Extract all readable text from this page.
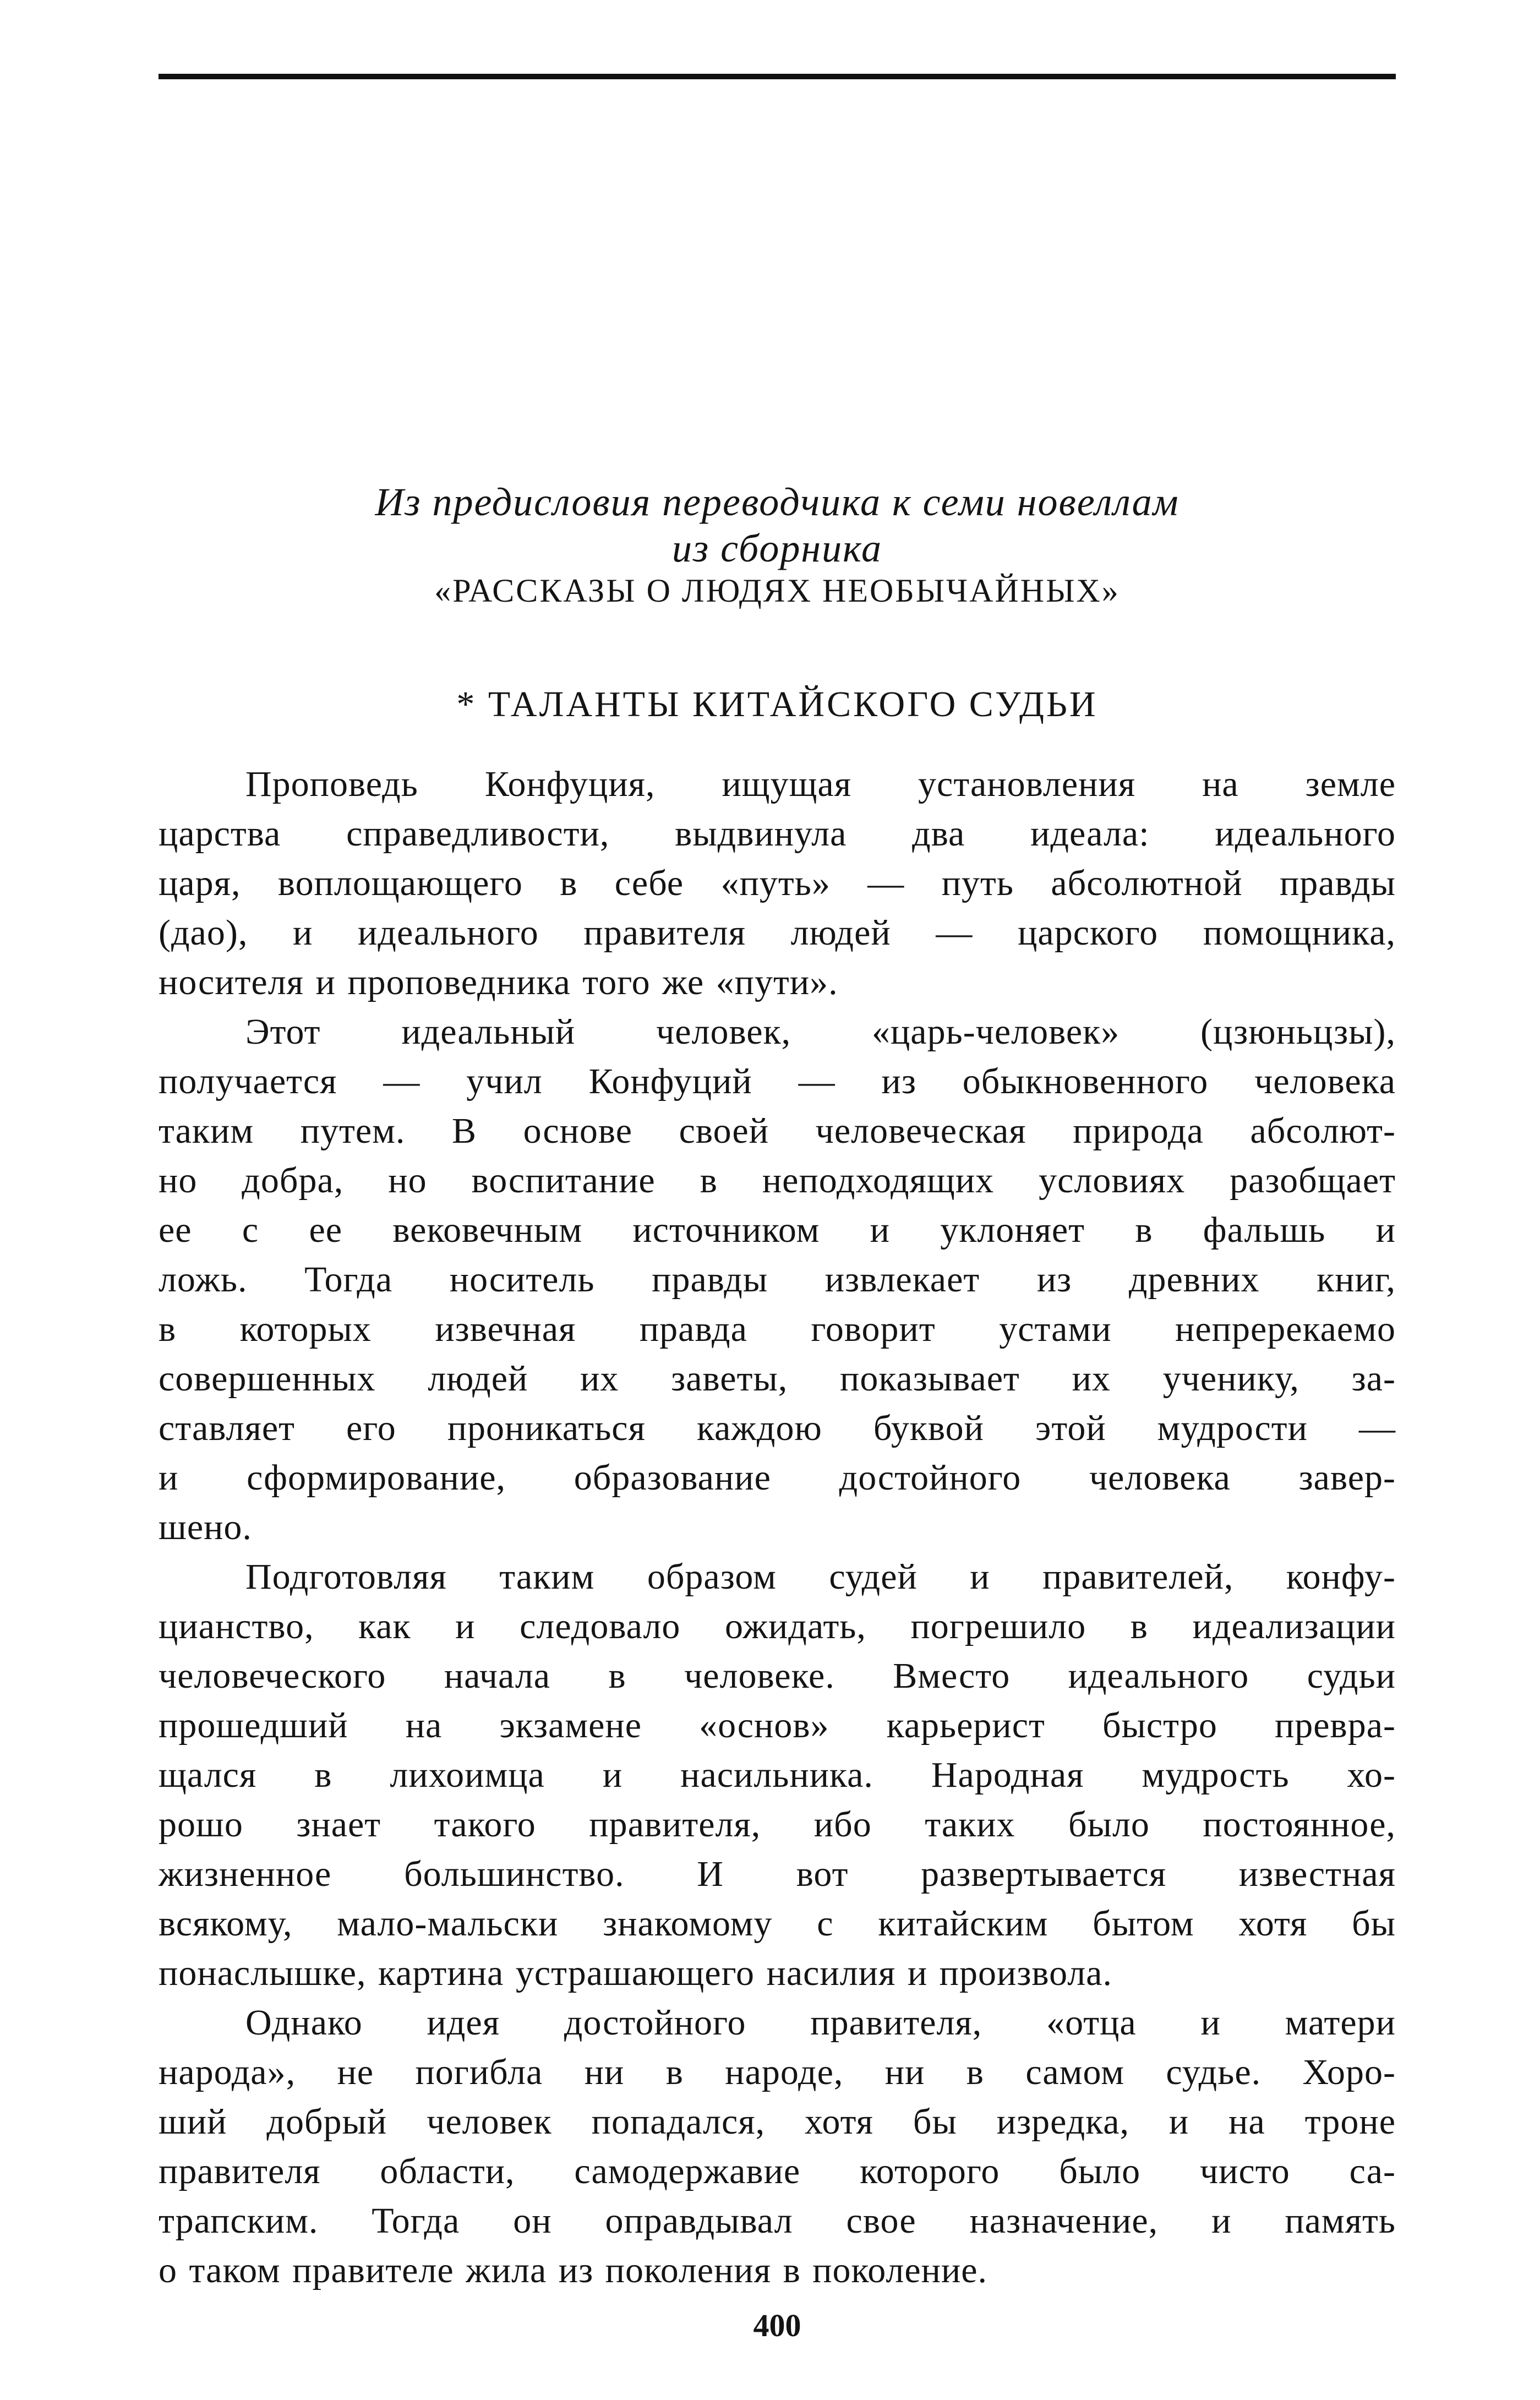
Из предисловия переводчика к семи новеллам

из сборника

«РАССКАЗЫ О ЛЮДЯХ НЕОБЫЧАЙНЫХ»

* ТАЛАНТЫ КИТАЙСКОГО СУДЬИ

Проповедь Конфуция, ищущая установления на земле
царства справедливости, выдвинула два идеала: идеального
царя, воплощающего в себе «путь» — путь абсолютной правды
(дао), и идеального правителя людей — царского помощника,
носителя и проповедника того же «пути».
Этот идеальный человек, «царь-человек» (цзюньцзы),
получается — учил Конфуций — из обыкновенного человека
таким путем. В основе своей человеческая природа абсолют-
но добра, но воспитание в неподходящих условиях разобщает
ее с ее вековечным источником и уклоняет в фальшь и
ложь. Тогда носитель правды извлекает из древних книг,
в которых извечная правда говорит устами непререкаемо
совершенных людей их заветы, показывает их ученику, за-
ставляет его проникаться каждою буквой этой мудрости —
и сформирование, образование достойного человека завер-
шено.
Подготовляя таким образом судей и правителей, конфу-
цианство, как и следовало ожидать, погрешило в идеализации
человеческого начала в человеке. Вместо идеального судьи
прошедший на экзамене «основ» карьерист быстро превра-
щался в лихоимца и насильника. Народная мудрость хо-
рошо знает такого правителя, ибо таких было постоянное,
жизненное большинство. И вот развертывается известная
всякому, мало-мальски знакомому с китайским бытом хотя бы
понаслышке, картина устрашающего насилия и произвола.
Однако идея достойного правителя, «отца и матери
народа», не погибла ни в народе, ни в самом судье. Хоро-
ший добрый человек попадался, хотя бы изредка, и на троне
правителя области, самодержавие которого было чисто са-
трапским. Тогда он оправдывал свое назначение, и память
о таком правителе жила из поколения в поколение.
400
